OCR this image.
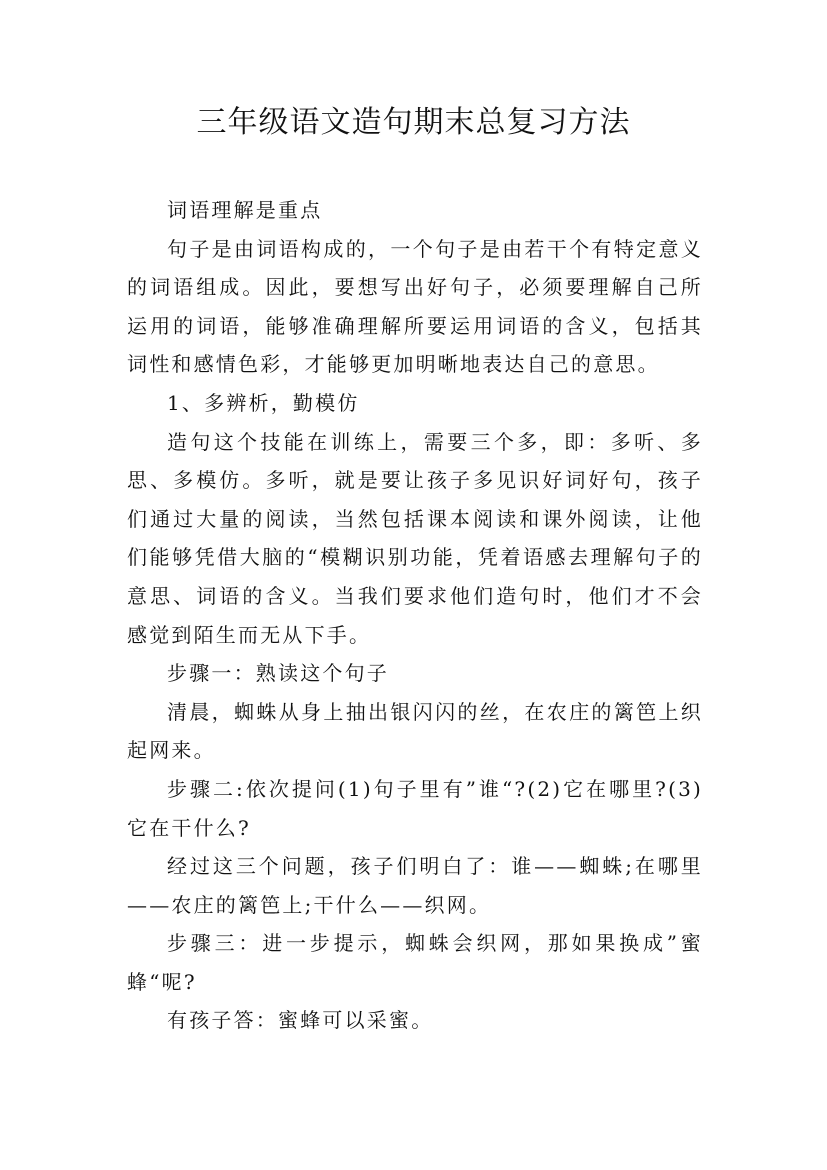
三年级语文造句期末总复习方法

词语理解是重点

句子是由词语构成的，一个句子是由若干个有特定意义的词语组成。因此，要想写出好句子，必须要理解自己所运用的词语，能够准确理解所要运用词语的含义，包括其词性和感情色彩，才能够更加明晰地表达自己的意思。

1、多辨析，勤模仿

造句这个技能在训练上，需要三个多，即：多听、多思、多模仿。多听，就是要让孩子多见识好词好句，孩子们通过大量的阅读，当然包括课本阅读和课外阅读，让他们能够凭借大脑的“模糊识别功能，凭着语感去理解句子的意思、词语的含义。当我们要求他们造句时，他们才不会感觉到陌生而无从下手。

步骤一：熟读这个句子

清晨，蜘蛛从身上抽出银闪闪的丝，在农庄的篱笆上织起网来。

步骤二:依次提问(1)句子里有”谁“?(2)它在哪里?(3)它在干什么?

经过这三个问题，孩子们明白了：谁——蜘蛛;在哪里——农庄的篱笆上;干什么——织网。

步骤三：进一步提示，蜘蛛会织网，那如果换成”蜜蜂“呢?

有孩子答：蜜蜂可以采蜜。
